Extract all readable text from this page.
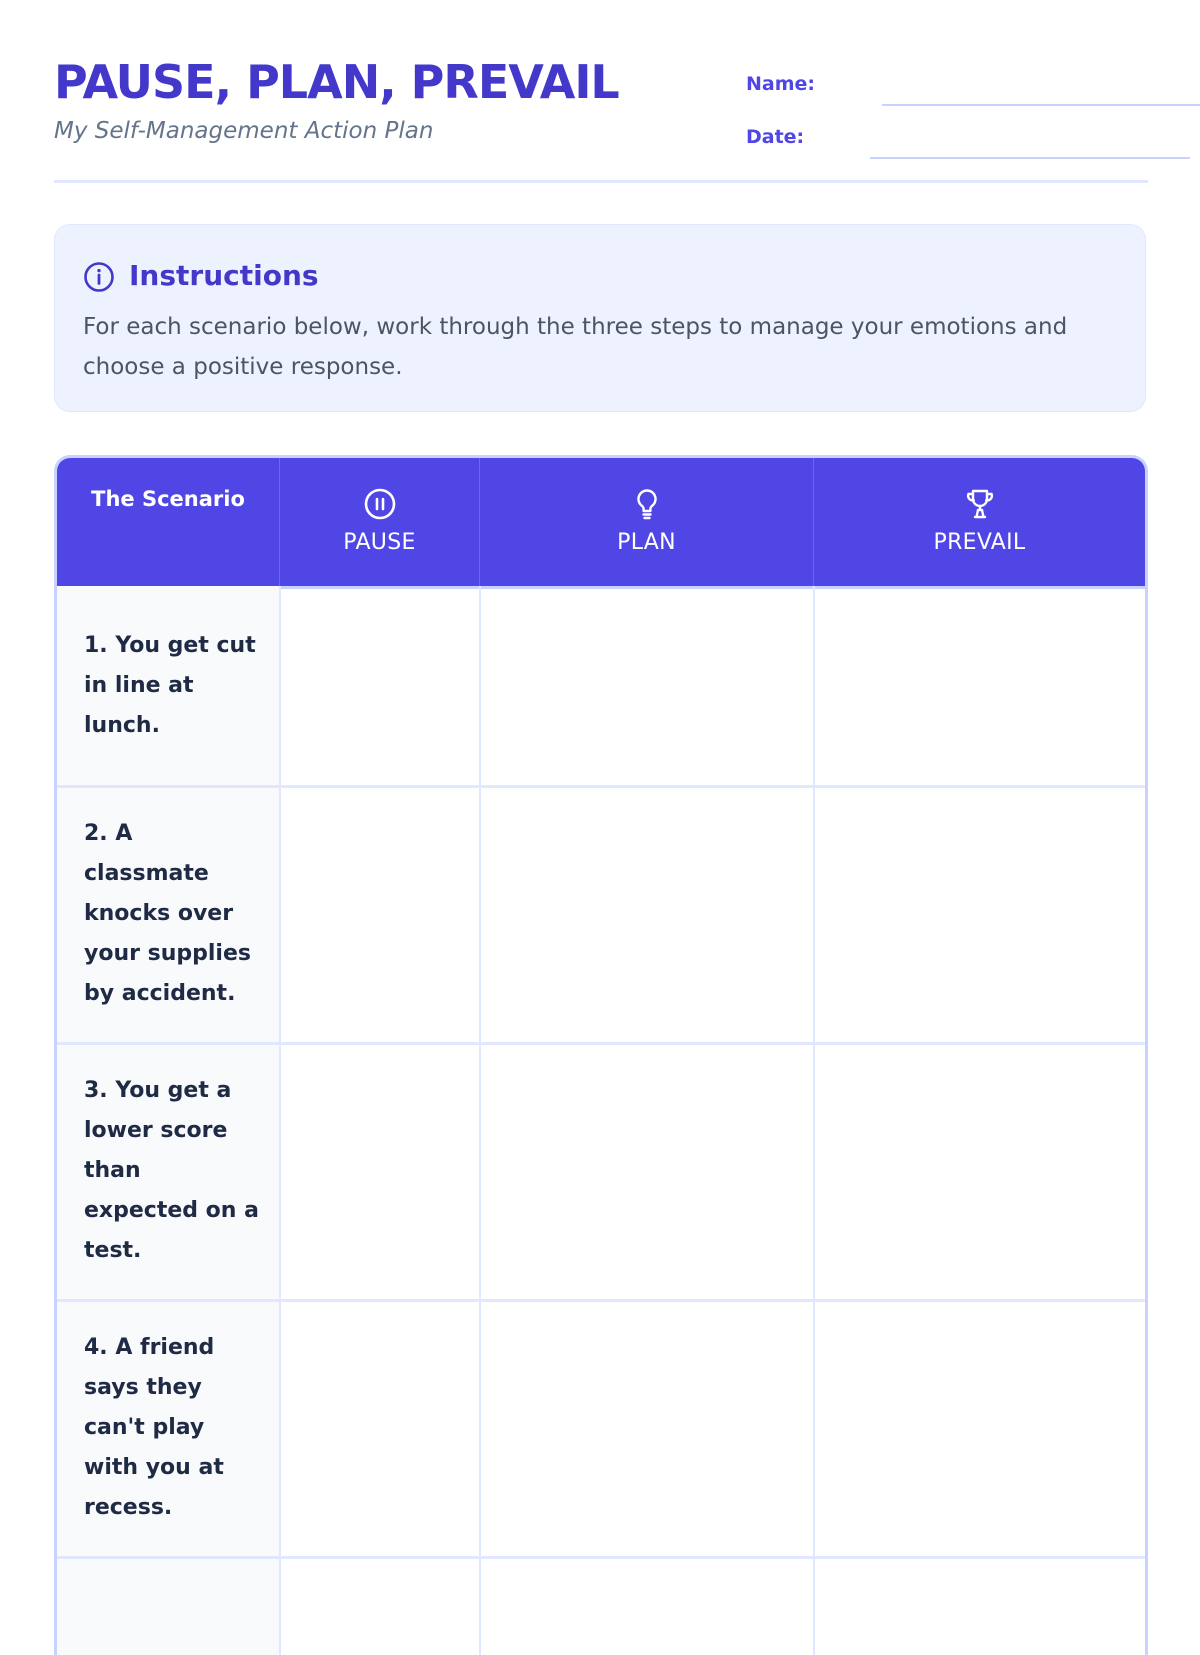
PAUSE, PLAN, PREVAIL
My Self-Management Action Plan
Name:
Date:
Instructions

For each scenario below, work through the three steps to manage your emotions and choose a positive response.

The Scenario
PAUSE	PLAN	PREVAIL
1. You get cut in line at lunch.
2. A classmate knocks over your supplies by accident.
3. You get a lower score than expected on a test.
4. A friend says they can't play with you at recess.
